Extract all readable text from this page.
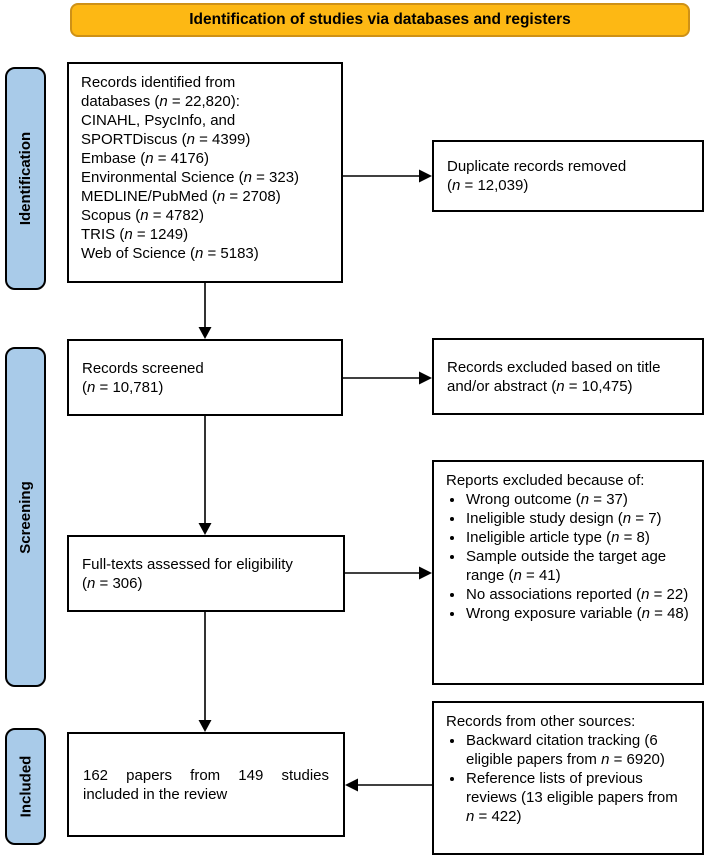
Identification of studies via databases and registers
Identification
Screening
Included
Records identified from
databases (n = 22,820):
CINAHL, PsycInfo, and
SPORTDiscus (n = 4399)
Embase (n = 4176)
Environmental Science (n = 323)
MEDLINE/PubMed (n = 2708)
Scopus (n = 4782)
TRIS (n = 1249)
Web of Science (n = 5183)
Duplicate records removed
(n = 12,039)
Records screened
(n = 10,781)
Records excluded based on title
and/or abstract (n = 10,475)
Reports excluded because of:
• Wrong outcome (n = 37)
• Ineligible study design (n = 7)
• Ineligible article type (n = 8)
• Sample outside the target age range (n = 41)
• No associations reported (n = 22)
• Wrong exposure variable (n = 48)
Full-texts assessed for eligibility
(n = 306)
162 papers from 149 studies included in the review
Records from other sources:
• Backward citation tracking (6 eligible papers from n = 6920)
• Reference lists of previous reviews (13 eligible papers from n = 422)
